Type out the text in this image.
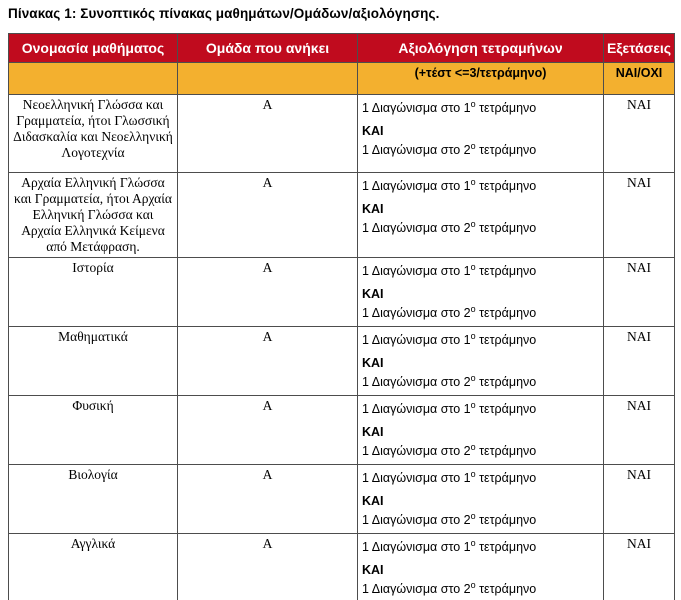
Πίνακας 1: Συνοπτικός πίνακας μαθημάτων/Ομάδων/αξιολόγησης.
Ονομασία μαθήματος	Ομάδα που ανήκει	Αξιολόγηση τετραμήνων	Εξετάσεις
		(+τέστ <=3/τετράμηνο)	ΝΑΙ/ΟΧΙ
Νεοελληνική Γλώσσα και Γραμματεία, ήτοι Γλωσσική Διδασκαλία και Νεοελληνική Λογοτεχνία	Α	1 Διαγώνισμα στο $1^o$ τετράμηνο

ΚΑΙ

1 Διαγώνισμα στο $2^o$ τετράμηνο	ΝΑΙ
Αρχαία Ελληνική Γλώσσα και Γραμματεία, ήτοι Αρχαία Ελληνική Γλώσσα και Αρχαία Ελληνικά Κείμενα από Μετάφραση.	Α	1 Διαγώνισμα στο $1^o$ τετράμηνο

ΚΑΙ

1 Διαγώνισμα στο $2^o$ τετράμηνο	ΝΑΙ
Ιστορία	Α	1 Διαγώνισμα στο $1^o$ τετράμηνο

ΚΑΙ

1 Διαγώνισμα στο $2^o$ τετράμηνο	ΝΑΙ
Μαθηματικά	Α	1 Διαγώνισμα στο $1^o$ τετράμηνο

ΚΑΙ

1 Διαγώνισμα στο $2^o$ τετράμηνο	ΝΑΙ
Φυσική	Α	1 Διαγώνισμα στο $1^o$ τετράμηνο

ΚΑΙ

1 Διαγώνισμα στο $2^o$ τετράμηνο	ΝΑΙ
Βιολογία	Α	1 Διαγώνισμα στο $1^o$ τετράμηνο

ΚΑΙ

1 Διαγώνισμα στο $2^o$ τετράμηνο	ΝΑΙ
Αγγλικά	Α	1 Διαγώνισμα στο $1^o$ τετράμηνο

ΚΑΙ

1 Διαγώνισμα στο $2^o$ τετράμηνο	ΝΑΙ
